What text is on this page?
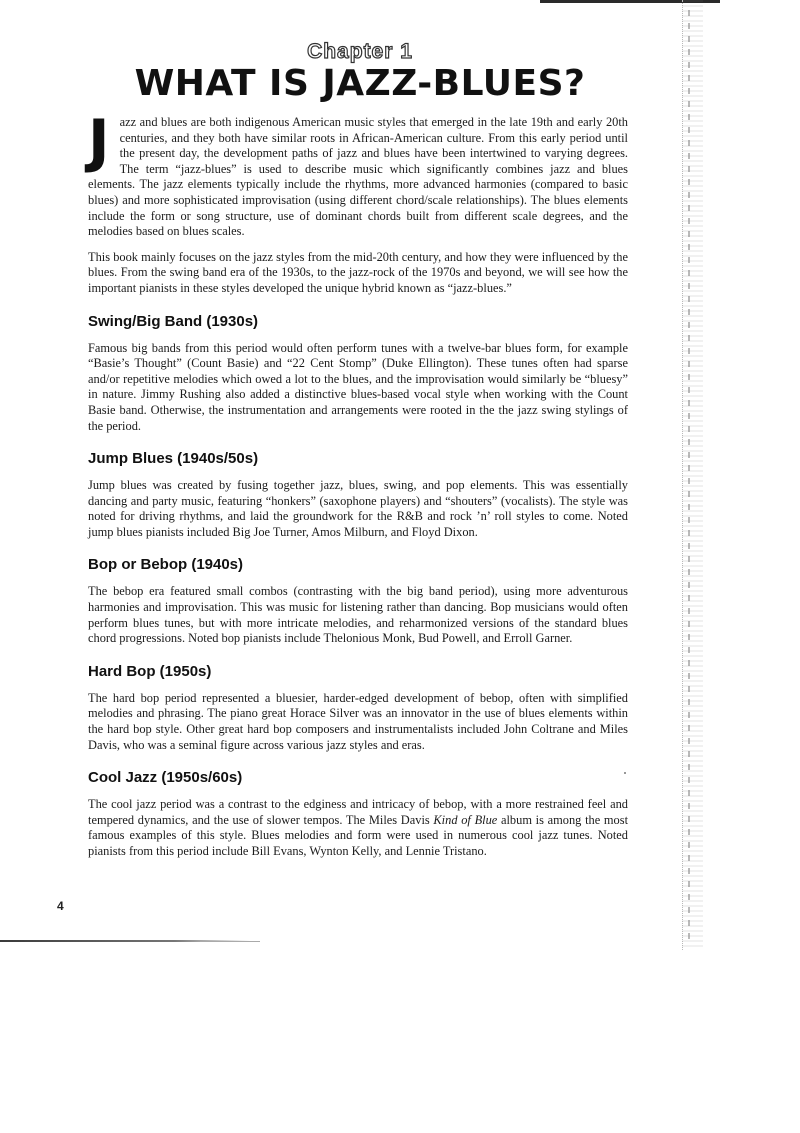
Chapter 1
WHAT IS JAZZ-BLUES?

Jazz and blues are both indigenous American music styles that emerged in the late 19th and early 20th centuries, and they both have similar roots in African-American culture. From this early period until the present day, the development paths of jazz and blues have been intertwined to varying degrees. The term “jazz-blues” is used to describe music which significantly combines jazz and blues elements. The jazz elements typically include the rhythms, more advanced harmonies (compared to basic blues) and more sophisticated improvisation (using different chord/scale relationships). The blues elements include the form or song structure, use of dominant chords built from different scale degrees, and the melodies based on blues scales.

This book mainly focuses on the jazz styles from the mid-20th century, and how they were influenced by the blues. From the swing band era of the 1930s, to the jazz-rock of the 1970s and beyond, we will see how the important pianists in these styles developed the unique hybrid known as “jazz-blues.”

Swing/Big Band (1930s)

Famous big bands from this period would often perform tunes with a twelve-bar blues form, for example “Basie’s Thought” (Count Basie) and “22 Cent Stomp” (Duke Ellington). These tunes often had sparse and/or repetitive melodies which owed a lot to the blues, and the improvisation would similarly be “bluesy” in nature. Jimmy Rushing also added a distinctive blues-based vocal style when working with the Count Basie band. Otherwise, the instrumentation and arrangements were rooted in the the jazz swing stylings of the period.

Jump Blues (1940s/50s)

Jump blues was created by fusing together jazz, blues, swing, and pop elements. This was essentially dancing and party music, featuring “honkers” (saxophone players) and “shouters” (vocalists). The style was noted for driving rhythms, and laid the groundwork for the R&B and rock ’n’ roll styles to come. Noted jump blues pianists included Big Joe Turner, Amos Milburn, and Floyd Dixon.

Bop or Bebop (1940s)

The bebop era featured small combos (contrasting with the big band period), using more adventurous harmonies and improvisation. This was music for listening rather than dancing. Bop musicians would often perform blues tunes, but with more intricate melodies, and reharmonized versions of the standard blues chord progressions. Noted bop pianists include Thelonious Monk, Bud Powell, and Erroll Garner.

Hard Bop (1950s)

The hard bop period represented a bluesier, harder-edged development of bebop, often with simplified melodies and phrasing. The piano great Horace Silver was an innovator in the use of blues elements within the hard bop style. Other great hard bop composers and instrumentalists included John Coltrane and Miles Davis, who was a seminal figure across various jazz styles and eras.

Cool Jazz (1950s/60s)

The cool jazz period was a contrast to the edginess and intricacy of bebop, with a more restrained feel and tempered dynamics, and the use of slower tempos. The Miles Davis Kind of Blue album is among the most famous examples of this style. Blues melodies and form were used in numerous cool jazz tunes. Noted pianists from this period include Bill Evans, Wynton Kelly, and Lennie Tristano.

4
